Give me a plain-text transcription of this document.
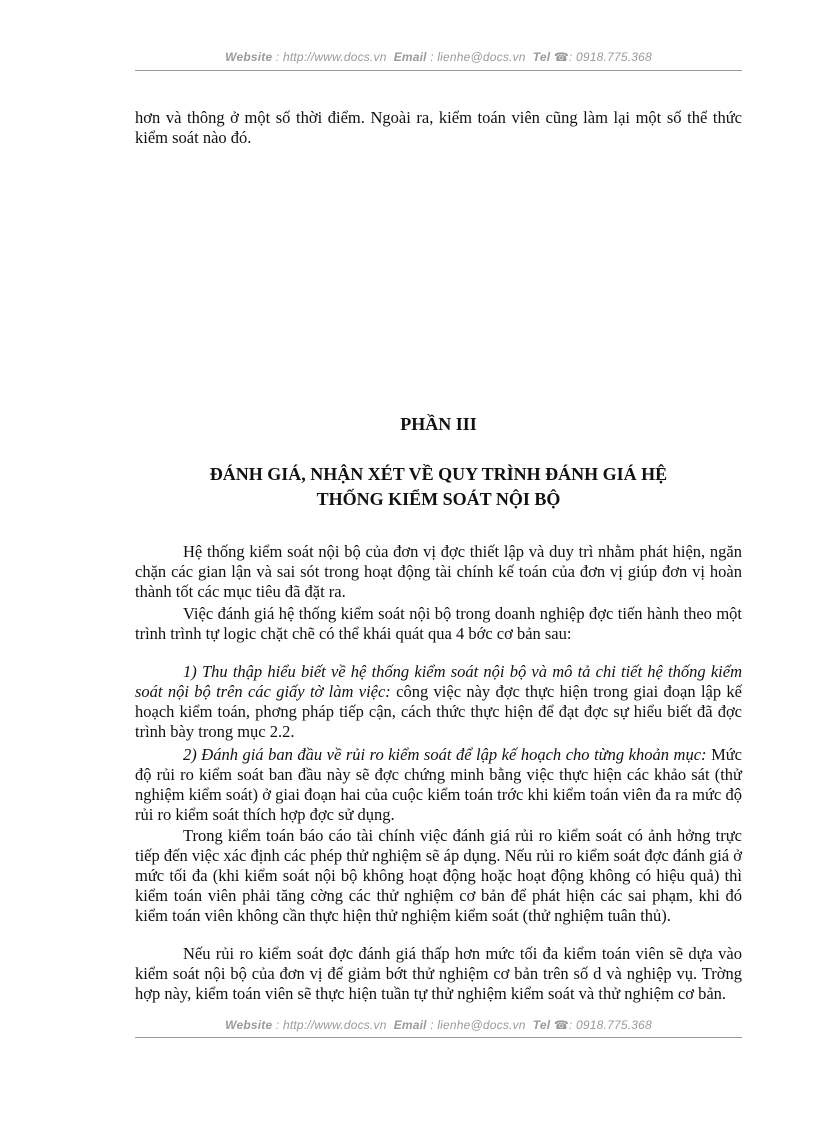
Website : http://www.docs.vn Email : lienhe@docs.vn Tel ☎: 0918.775.368

hơn và thông ở một số thời điểm. Ngoài ra, kiểm toán viên cũng làm lại một số thể thức kiểm soát nào đó.

PHẦN III
ĐÁNH GIÁ, NHẬN XÉT VỀ QUY TRÌNH ĐÁNH GIÁ HỆ
THỐNG KIỂM SOÁT NỘI BỘ

Hệ thống kiểm soát nội bộ của đơn vị đợc thiết lập và duy trì nhằm phát hiện, ngăn chặn các gian lận và sai sót trong hoạt động tài chính kế toán của đơn vị giúp đơn vị hoàn thành tốt các mục tiêu đã đặt ra.

Việc đánh giá hệ thống kiểm soát nội bộ trong doanh nghiệp đợc tiến hành theo một trình trình tự logic chặt chẽ có thể khái quát qua 4 bớc cơ bản sau:

1) Thu thập hiểu biết về hệ thống kiểm soát nội bộ và mô tả chi tiết hệ thống kiểm soát nội bộ trên các giấy tờ làm việc: công việc này đợc thực hiện trong giai đoạn lập kế hoạch kiểm toán, phơng pháp tiếp cận, cách thức thực hiện để đạt đợc sự hiểu biết đã đợc trình bày trong mục 2.2.

2) Đánh giá ban đầu về rủi ro kiểm soát để lập kế hoạch cho từng khoản mục: Mức độ rủi ro kiểm soát ban đầu này sẽ đợc chứng minh bằng việc thực hiện các khảo sát (thử nghiệm kiểm soát) ở giai đoạn hai của cuộc kiểm toán trớc khi kiểm toán viên đa ra mức độ rủi ro kiểm soát thích hợp đợc sử dụng.

Trong kiểm toán báo cáo tài chính việc đánh giá rủi ro kiểm soát có ảnh hởng trực tiếp đến việc xác định các phép thử nghiệm sẽ áp dụng. Nếu rủi ro kiểm soát đợc đánh giá ở mức tối đa (khi kiểm soát nội bộ không hoạt động hoặc hoạt động không có hiệu quả) thì kiểm toán viên phải tăng cờng các thử nghiệm cơ bản để phát hiện các sai phạm, khi đó kiểm toán viên không cần thực hiện thử nghiệm kiểm soát (thử nghiệm tuân thủ).

Nếu rủi ro kiểm soát đợc đánh giá thấp hơn mức tối đa kiểm toán viên sẽ dựa vào kiểm soát nội bộ của đơn vị để giảm bớt thử nghiệm cơ bản trên số d và nghiệp vụ. Trờng hợp này, kiểm toán viên sẽ thực hiện tuần tự thử nghiệm kiểm soát và thử nghiệm cơ bản.

Website : http://www.docs.vn Email : lienhe@docs.vn Tel ☎: 0918.775.368
